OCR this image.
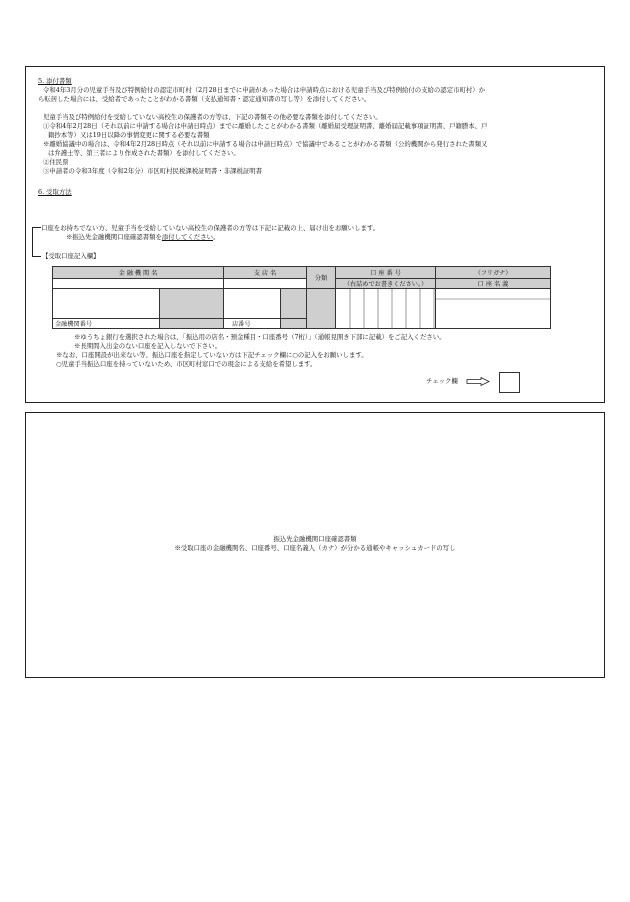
5. 添付書類
令和4年3月分の児童手当及び特例給付の認定市町村（2月28日までに申請があった場合は申請時点における児童手当及び特例給付の支給の認定市町村）か
ら転居した場合には、受給者であったことがわかる書類（支払通知書・認定通知書の写し等）を添付してください。
児童手当及び特例給付を受給していない高校生の保護者の方等は、下記の書類その他必要な書類を添付してください。
①令和4年2月28日（それ以前に申請する場合は申請日時点）までに離婚したことがわかる書類（離婚届受理証明書、離婚届記載事項証明書、戸籍謄本、戸
籍抄本等）又は19日以降の事情変更に関する必要な書類
※離婚協議中の場合は、令和4年2月28日時点（それ以前に申請する場合は申請日時点）で協議中であることがわかる書類（公的機関から発行された書類又
は弁護士等、第三者により作成された書類）を添付してください。
②住民票
③申請者の令和3年度（令和2年分）市区町村民税課税証明書・非課税証明書
6. 受取方法
口座をお持ちでない方、児童手当を受給していない高校生の保護者の方等は下記に記載の上、届け出をお願いします。
※振込先金融機関口座確認書類を添付してください。
【受取口座記入欄】
金 融 機 関 名		支 店 名		分類	口 座 番 号	（フリガナ）
					（右詰めでお書きください。）	口 座 名 義

金融機関番号		店番号				
※ゆうちょ銀行を選択された場合は、「振込用の店名・預金種目・口座番号（7桁）」（通帳見開き下部に記載）をご記入ください。
※長期間入出金のない口座を記入しないで下さい。
※なお、口座開設が出来ない等、振込口座を指定していない方は下記チェック欄に○の記入をお願いします。
○児童手当振込口座を持っていないため、市区町村窓口での現金による支給を希望します。
チェック欄
振込先金融機関口座確認書類
※受取口座の金融機関名、口座番号、口座名義人（カナ）が分かる通帳やキャッシュカードの写し
